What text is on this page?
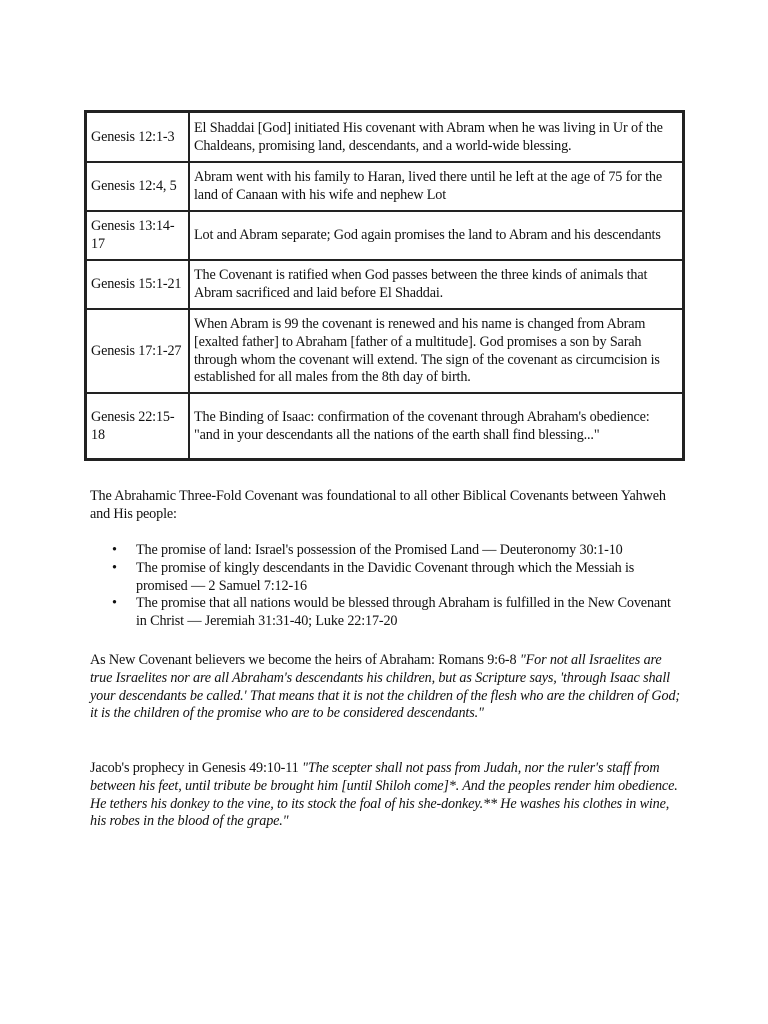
Genesis 12:1-3	El Shaddai [God] initiated His covenant with Abram when he was living in Ur of the Chaldeans, promising land, descendants, and a world-wide blessing.
Genesis 12:4, 5	Abram went with his family to Haran, lived there until he left at the age of 75 for the land of Canaan with his wife and nephew Lot
Genesis 13:14-17	Lot and Abram separate; God again promises the land to Abram and his descendants
Genesis 15:1-21	The Covenant is ratified when God passes between the three kinds of animals that Abram sacrificed and laid before El Shaddai.
Genesis 17:1-27	When Abram is 99 the covenant is renewed and his name is changed from Abram [exalted father] to Abraham [father of a multitude]. God promises a son by Sarah through whom the covenant will extend. The sign of the covenant as circumcision is established for all males from the 8th day of birth.
Genesis 22:15-18	The Binding of Isaac: confirmation of the covenant through Abraham's obedience: "and in your descendants all the nations of the earth shall find blessing..."

The Abrahamic Three-Fold Covenant was foundational to all other Biblical Covenants between Yahweh and His people:

• The promise of land: Israel's possession of the Promised Land — Deuteronomy 30:1-10
• The promise of kingly descendants in the Davidic Covenant through which the Messiah is promised — 2 Samuel 7:12-16
• The promise that all nations would be blessed through Abraham is fulfilled in the New Covenant in Christ — Jeremiah 31:31-40; Luke 22:17-20

As New Covenant believers we become the heirs of Abraham: Romans 9:6-8 "For not all Israelites are true Israelites nor are all Abraham's descendants his children, but as Scripture says, 'through Isaac shall your descendants be called.' That means that it is not the children of the flesh who are the children of God; it is the children of the promise who are to be considered descendants."

Jacob's prophecy in Genesis 49:10-11 "The scepter shall not pass from Judah, nor the ruler's staff from between his feet, until tribute be brought him [until Shiloh come]*. And the peoples render him obedience. He tethers his donkey to the vine, to its stock the foal of his she-donkey.** He washes his clothes in wine, his robes in the blood of the grape."
